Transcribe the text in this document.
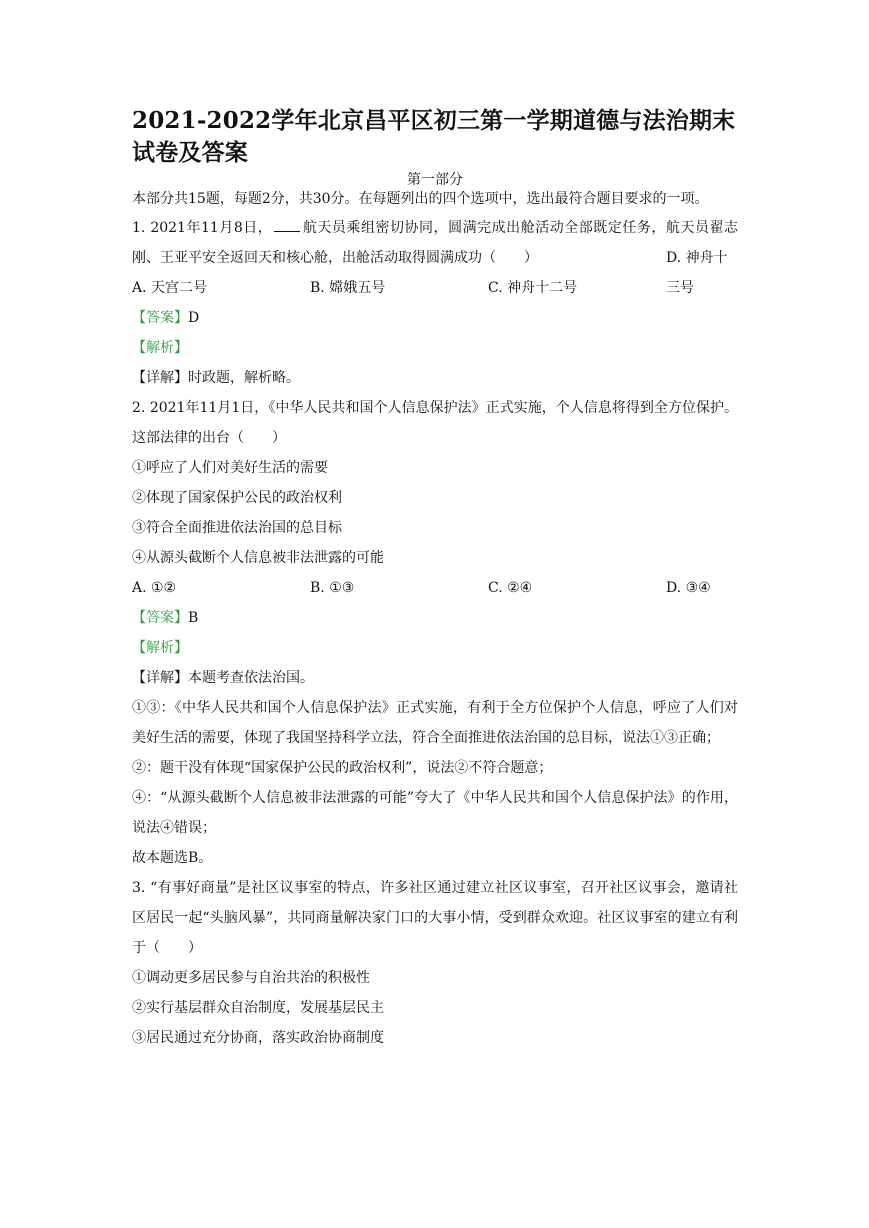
2021-2022学年北京昌平区初三第一学期道德与法治期末试卷及答案
第一部分

本部分共15题，每题2分，共30分。在每题列出的四个选项中，选出最符合题目要求的一项。

1. 2021年11月8日， 航天员乘组密切协同，圆满完成出舱活动全部既定任务，航天员翟志刚、王亚平安全返回天和核心舱，出舱活动取得圆满成功（　　）
A. 天宫二号	B. 嫦娥五号	C. 神舟十二号
D. 神舟十三号
【答案】D
【解析】
【详解】时政题，解析略。
2. 2021年11月1日，《中华人民共和国个人信息保护法》正式实施，个人信息将得到全方位保护。这部法律的出台（　　）
①呼应了人们对美好生活的需要
②体现了国家保护公民的政治权利
③符合全面推进依法治国的总目标
④从源头截断个人信息被非法泄露的可能
A. ①②	B. ①③	C. ②④	D. ③④
【答案】B
【解析】
【详解】本题考查依法治国。
①③：《中华人民共和国个人信息保护法》正式实施，有利于全方位保护个人信息，呼应了人们对美好生活的需要，体现了我国坚持科学立法，符合全面推进依法治国的总目标，说法①③正确；
②：题干没有体现“国家保护公民的政治权利”，说法②不符合题意；
④：“从源头截断个人信息被非法泄露的可能”夸大了《中华人民共和国个人信息保护法》的作用，说法④错误；
故本题选B。
3. “有事好商量”是社区议事室的特点，许多社区通过建立社区议事室，召开社区议事会，邀请社区居民一起“头脑风暴”，共同商量解决家门口的大事小情，受到群众欢迎。社区议事室的建立有利于（　　）
①调动更多居民参与自治共治的积极性
②实行基层群众自治制度，发展基层民主
③居民通过充分协商，落实政治协商制度
